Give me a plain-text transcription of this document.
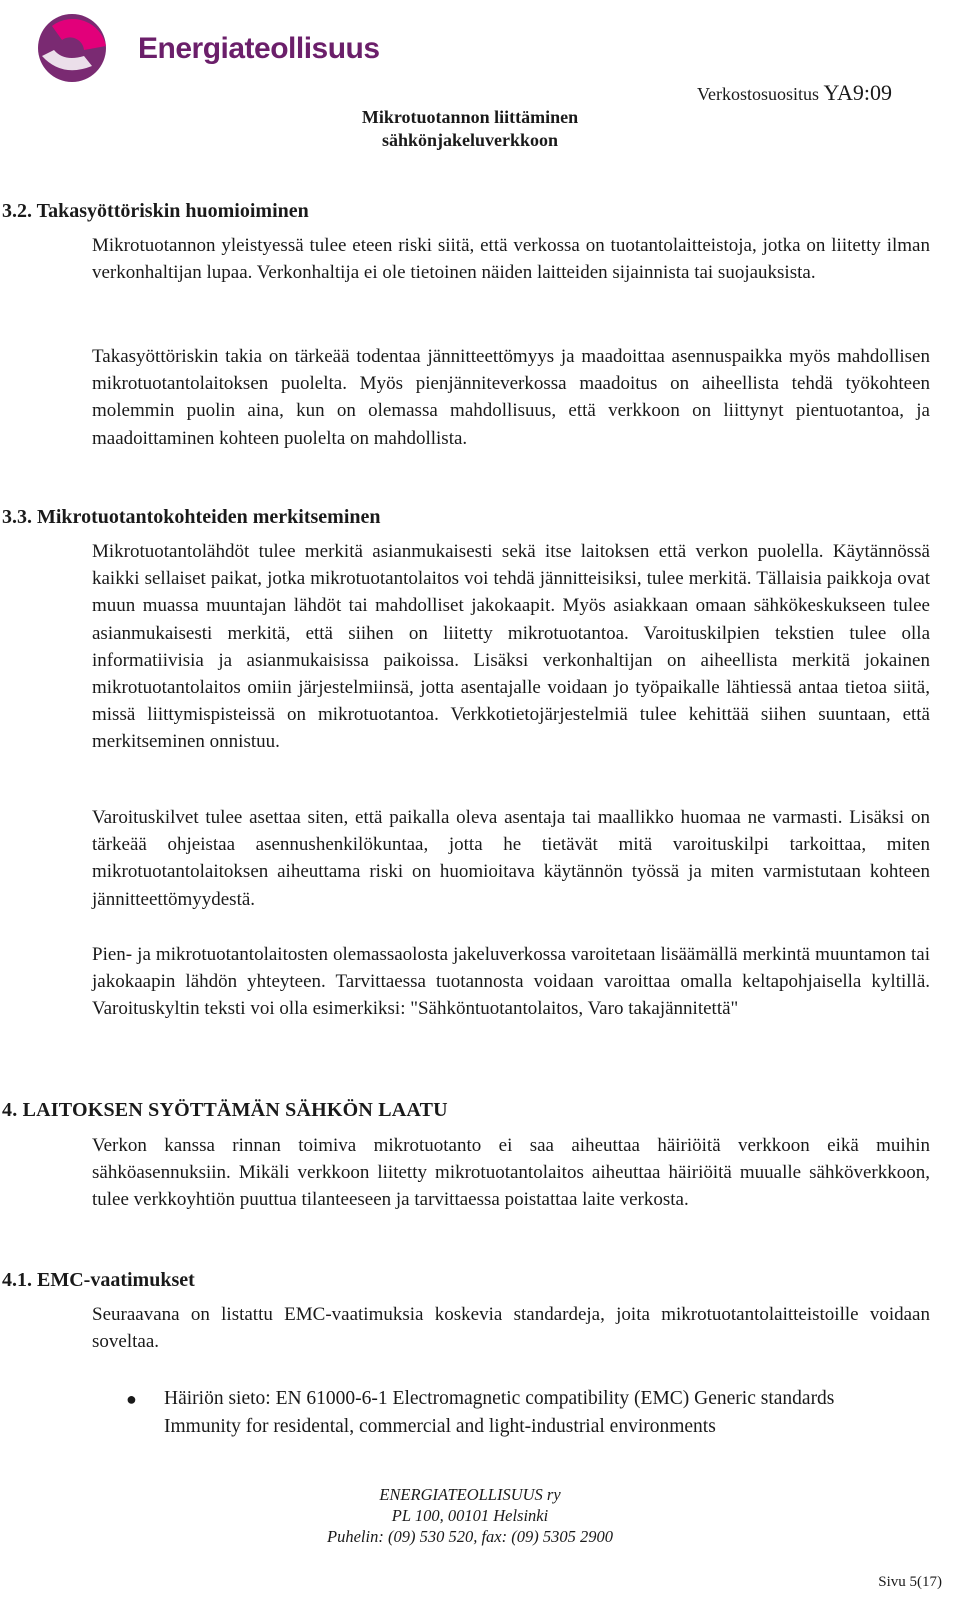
Energiateollisuus
Mikrotuotannon liittäminen
sähkönjakeluverkkoon
Verkostosuositus YA9:09
3.2. Takasyöttöriskin huomioiminen
Mikrotuotannon yleistyessä tulee eteen riski siitä, että verkossa on tuotantolaitteistoja, jotka on liitetty ilman verkonhaltijan lupaa. Verkonhaltija ei ole tietoinen näiden laitteiden sijainnista tai suojauksista.
Takasyöttöriskin takia on tärkeää todentaa jännitteettömyys ja maadoittaa asennuspaikka myös mahdollisen mikrotuotantolaitoksen puolelta. Myös pienjänniteverkossa maadoitus on aiheellista tehdä työkohteen molemmin puolin aina, kun on olemassa mahdollisuus, että verkkoon on liittynyt pientuotantoa, ja maadoittaminen kohteen puolelta on mahdollista.
3.3. Mikrotuotantokohteiden merkitseminen
Mikrotuotantolähdöt tulee merkitä asianmukaisesti sekä itse laitoksen että verkon puolella. Käytännössä kaikki sellaiset paikat, jotka mikrotuotantolaitos voi tehdä jännitteisiksi, tulee merkitä. Tällaisia paikkoja ovat muun muassa muuntajan lähdöt tai mahdolliset jakokaapit. Myös asiakkaan omaan sähkökeskukseen tulee asianmukaisesti merkitä, että siihen on liitetty mikrotuotantoa. Varoituskilpien tekstien tulee olla informatiivisia ja asianmukaisissa paikoissa. Lisäksi verkonhaltijan on aiheellista merkitä jokainen mikrotuotantolaitos omiin järjestelmiinsä, jotta asentajalle voidaan jo työpaikalle lähtiessä antaa tietoa siitä, missä liittymispisteissä on mikrotuotantoa. Verkkotietojärjestelmiä tulee kehittää siihen suuntaan, että merkitseminen onnistuu.
Varoituskilvet tulee asettaa siten, että paikalla oleva asentaja tai maallikko huomaa ne varmasti. Lisäksi on tärkeää ohjeistaa asennushenkilökuntaa, jotta he tietävät mitä varoituskilpi tarkoittaa, miten mikrotuotantolaitoksen aiheuttama riski on huomioitava käytännön työssä ja miten varmistutaan kohteen jännitteettömyydestä.
Pien- ja mikrotuotantolaitosten olemassaolosta jakeluverkossa varoitetaan lisäämällä merkintä muuntamon tai jakokaapin lähdön yhteyteen. Tarvittaessa tuotannosta voidaan varoittaa omalla keltapohjaisella kyltillä. Varoituskyltin teksti voi olla esimerkiksi: "Sähköntuotantolaitos, Varo takajännitettä"
4. LAITOKSEN SYÖTTÄMÄN SÄHKÖN LAATU
Verkon kanssa rinnan toimiva mikrotuotanto ei saa aiheuttaa häiriöitä verkkoon eikä muihin sähköasennuksiin. Mikäli verkkoon liitetty mikrotuotantolaitos aiheuttaa häiriöitä muualle sähköverkkoon, tulee verkkoyhtiön puuttua tilanteeseen ja tarvittaessa poistattaa laite verkosta.
4.1. EMC-vaatimukset
Seuraavana on listattu EMC-vaatimuksia koskevia standardeja, joita mikrotuotantolaitteistoille voidaan soveltaa.
● Häiriön sieto: EN 61000-6-1 Electromagnetic compatibility (EMC) Generic standards Immunity for residental, commercial and light-industrial environments
ENERGIATEOLLISUUS ry
PL 100, 00101 Helsinki
Puhelin: (09) 530 520, fax: (09) 5305 2900
Sivu 5(17)
